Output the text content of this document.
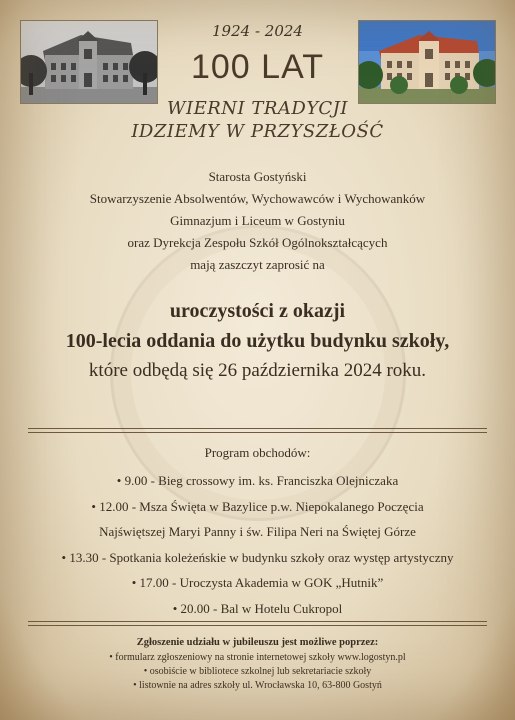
1924 - 2024
100 LAT
WIERNI TRADYCJI
IDZIEMY W PRZYSZŁOŚĆ
Starosta Gostyński
Stowarzyszenie Absolwentów, Wychowawców i Wychowanków
Gimnazjum i Liceum w Gostyniu
oraz Dyrekcja Zespołu Szkół Ogólnokształcących
mają zaszczyt zaprosić na
uroczystości z okazji
100-lecia oddania do użytku budynku szkoły,
które odbędą się 26 października 2024 roku.
Program obchodów:
• 9.00 - Bieg crossowy im. ks. Franciszka Olejniczaka
• 12.00 - Msza Święta w Bazylice p.w. Niepokalanego Poczęcia
Najświętszej Maryi Panny i św. Filipa Neri na Świętej Górze
• 13.30 - Spotkania koleżeńskie w budynku szkoły oraz występ artystyczny
• 17.00 - Uroczysta Akademia w GOK „Hutnik”
• 20.00 - Bal w Hotelu Cukropol
Zgłoszenie udziału w jubileuszu jest możliwe poprzez:
• formularz zgłoszeniowy na stronie internetowej szkoły www.logostyn.pl
• osobiście w bibliotece szkolnej lub sekretariacie szkoły
• listownie na adres szkoły ul. Wrocławska 10, 63-800 Gostyń
